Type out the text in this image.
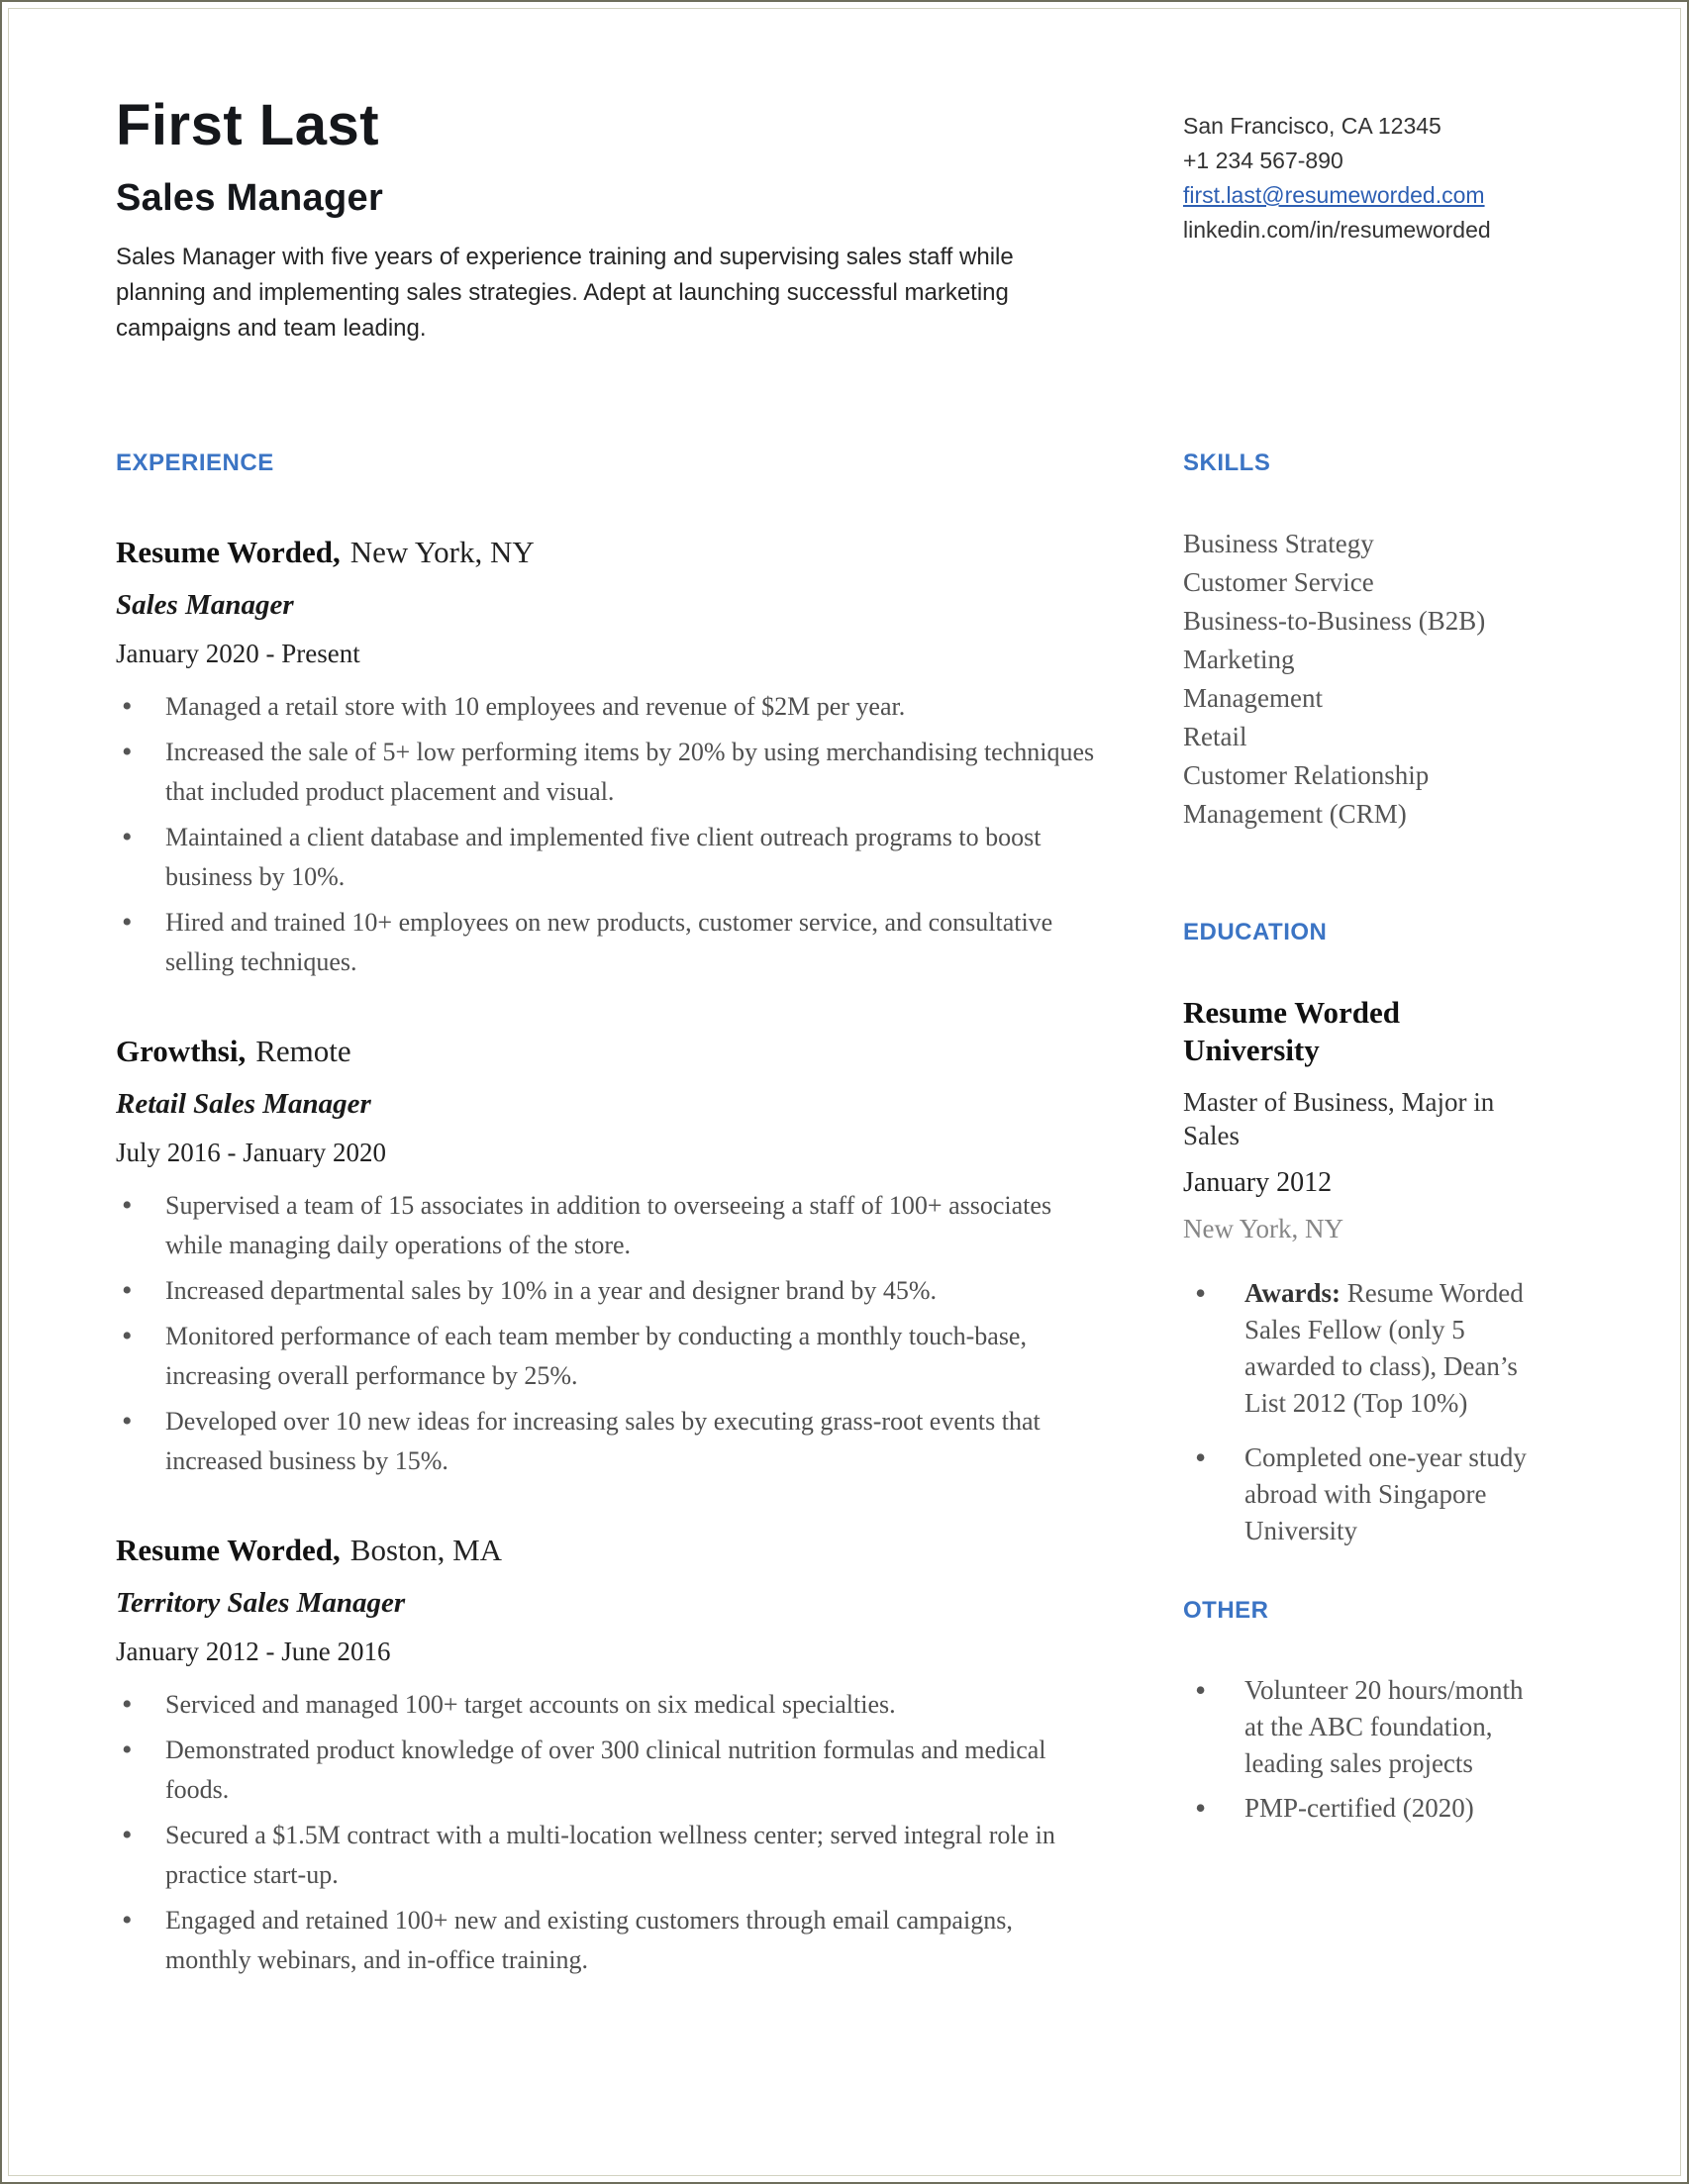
First Last
Sales Manager
Sales Manager with five years of experience training and supervising sales staff while planning and implementing sales strategies. Adept at launching successful marketing campaigns and team leading.
San Francisco, CA 12345
+1 234 567-890
first.last@resumeworded.com
linkedin.com/in/resumeworded
EXPERIENCE
Resume Worded, New York, NY
Sales Manager
January 2020 - Present
• Managed a retail store with 10 employees and revenue of $2M per year.
• Increased the sale of 5+ low performing items by 20% by using merchandising techniques that included product placement and visual.
• Maintained a client database and implemented five client outreach programs to boost business by 10%.
• Hired and trained 10+ employees on new products, customer service, and consultative selling techniques.
Growthsi, Remote
Retail Sales Manager
July 2016 - January 2020
• Supervised a team of 15 associates in addition to overseeing a staff of 100+ associates while managing daily operations of the store.
• Increased departmental sales by 10% in a year and designer brand by 45%.
• Monitored performance of each team member by conducting a monthly touch-base, increasing overall performance by 25%.
• Developed over 10 new ideas for increasing sales by executing grass-root events that increased business by 15%.
Resume Worded, Boston, MA
Territory Sales Manager
January 2012 - June 2016
• Serviced and managed 100+ target accounts on six medical specialties.
• Demonstrated product knowledge of over 300 clinical nutrition formulas and medical foods.
• Secured a $1.5M contract with a multi-location wellness center; served integral role in practice start-up.
• Engaged and retained 100+ new and existing customers through email campaigns, monthly webinars, and in-office training.
SKILLS
Business Strategy
Customer Service
Business-to-Business (B2B)
Marketing
Management
Retail
Customer Relationship Management (CRM)
EDUCATION
Resume Worded University
Master of Business, Major in Sales
January 2012
New York, NY
• Awards: Resume Worded Sales Fellow (only 5 awarded to class), Dean’s List 2012 (Top 10%)
• Completed one-year study abroad with Singapore University
OTHER
• Volunteer 20 hours/month at the ABC foundation, leading sales projects
• PMP-certified (2020)
